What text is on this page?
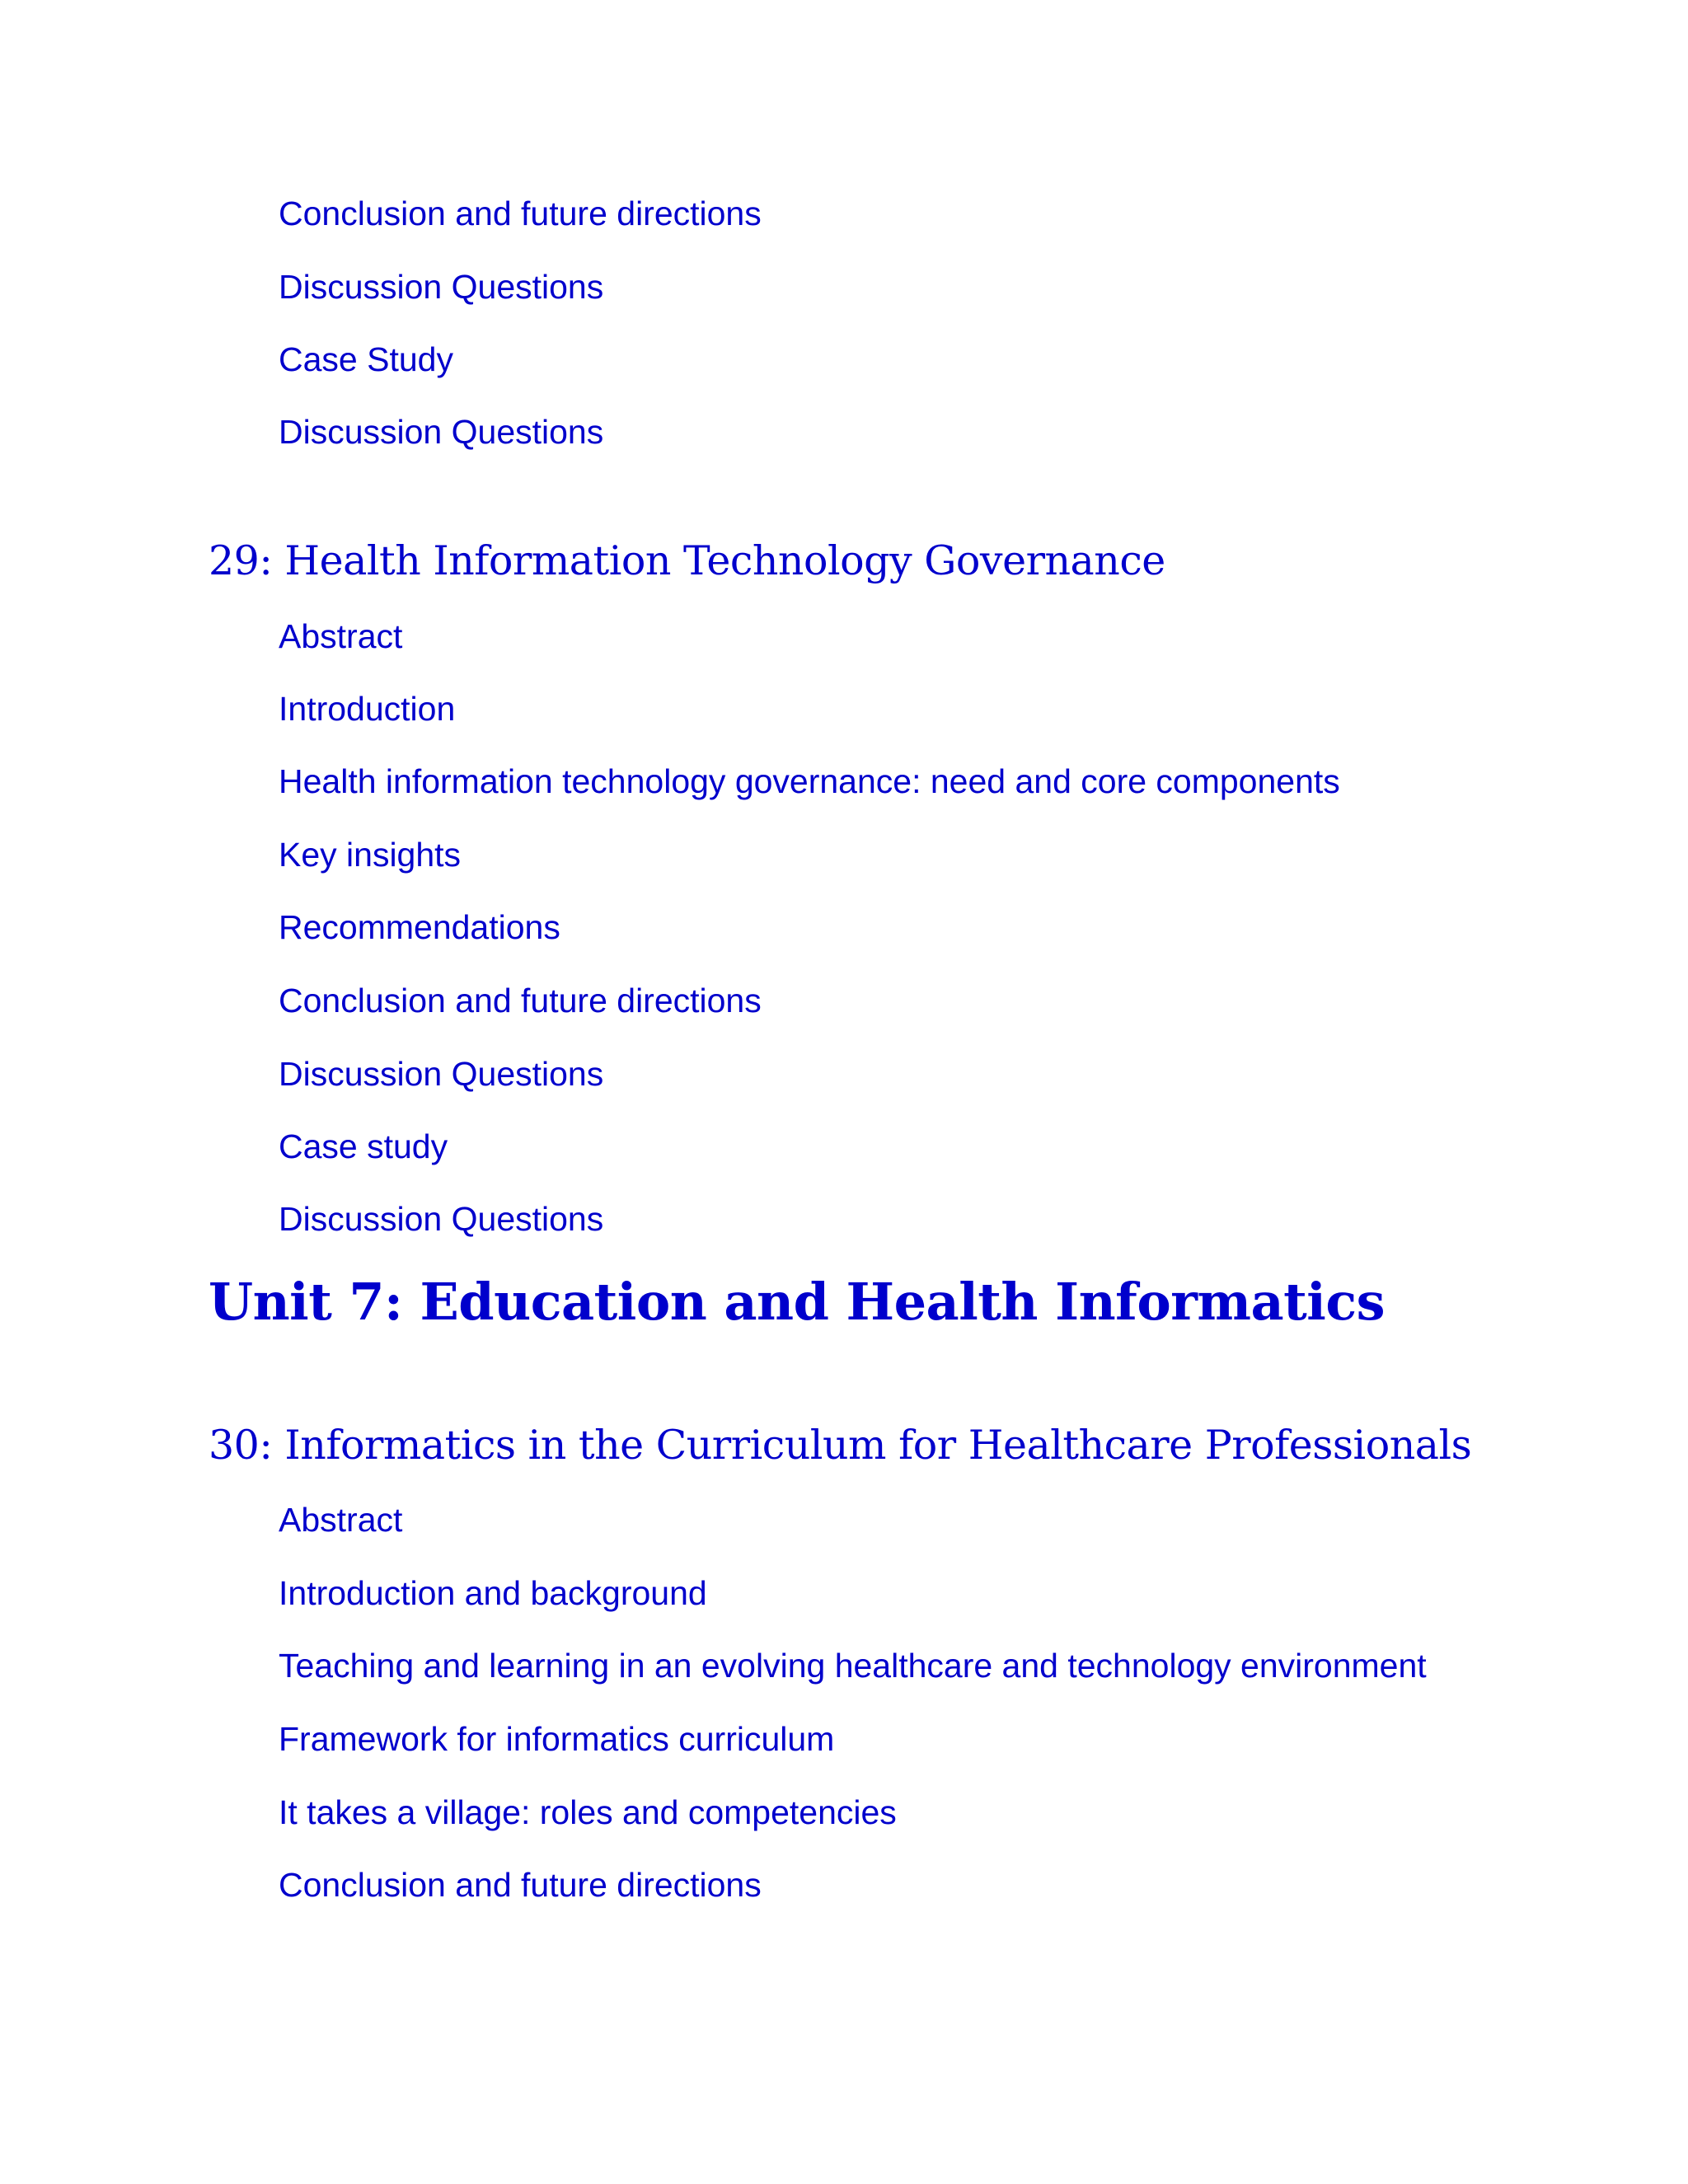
Conclusion and future directions
Discussion Questions
Case Study
Discussion Questions
29: Health Information Technology Governance
Abstract
Introduction
Health information technology governance: need and core components
Key insights
Recommendations
Conclusion and future directions
Discussion Questions
Case study
Discussion Questions
Unit 7: Education and Health Informatics
30: Informatics in the Curriculum for Healthcare Professionals
Abstract
Introduction and background
Teaching and learning in an evolving healthcare and technology environment
Framework for informatics curriculum
It takes a village: roles and competencies
Conclusion and future directions
